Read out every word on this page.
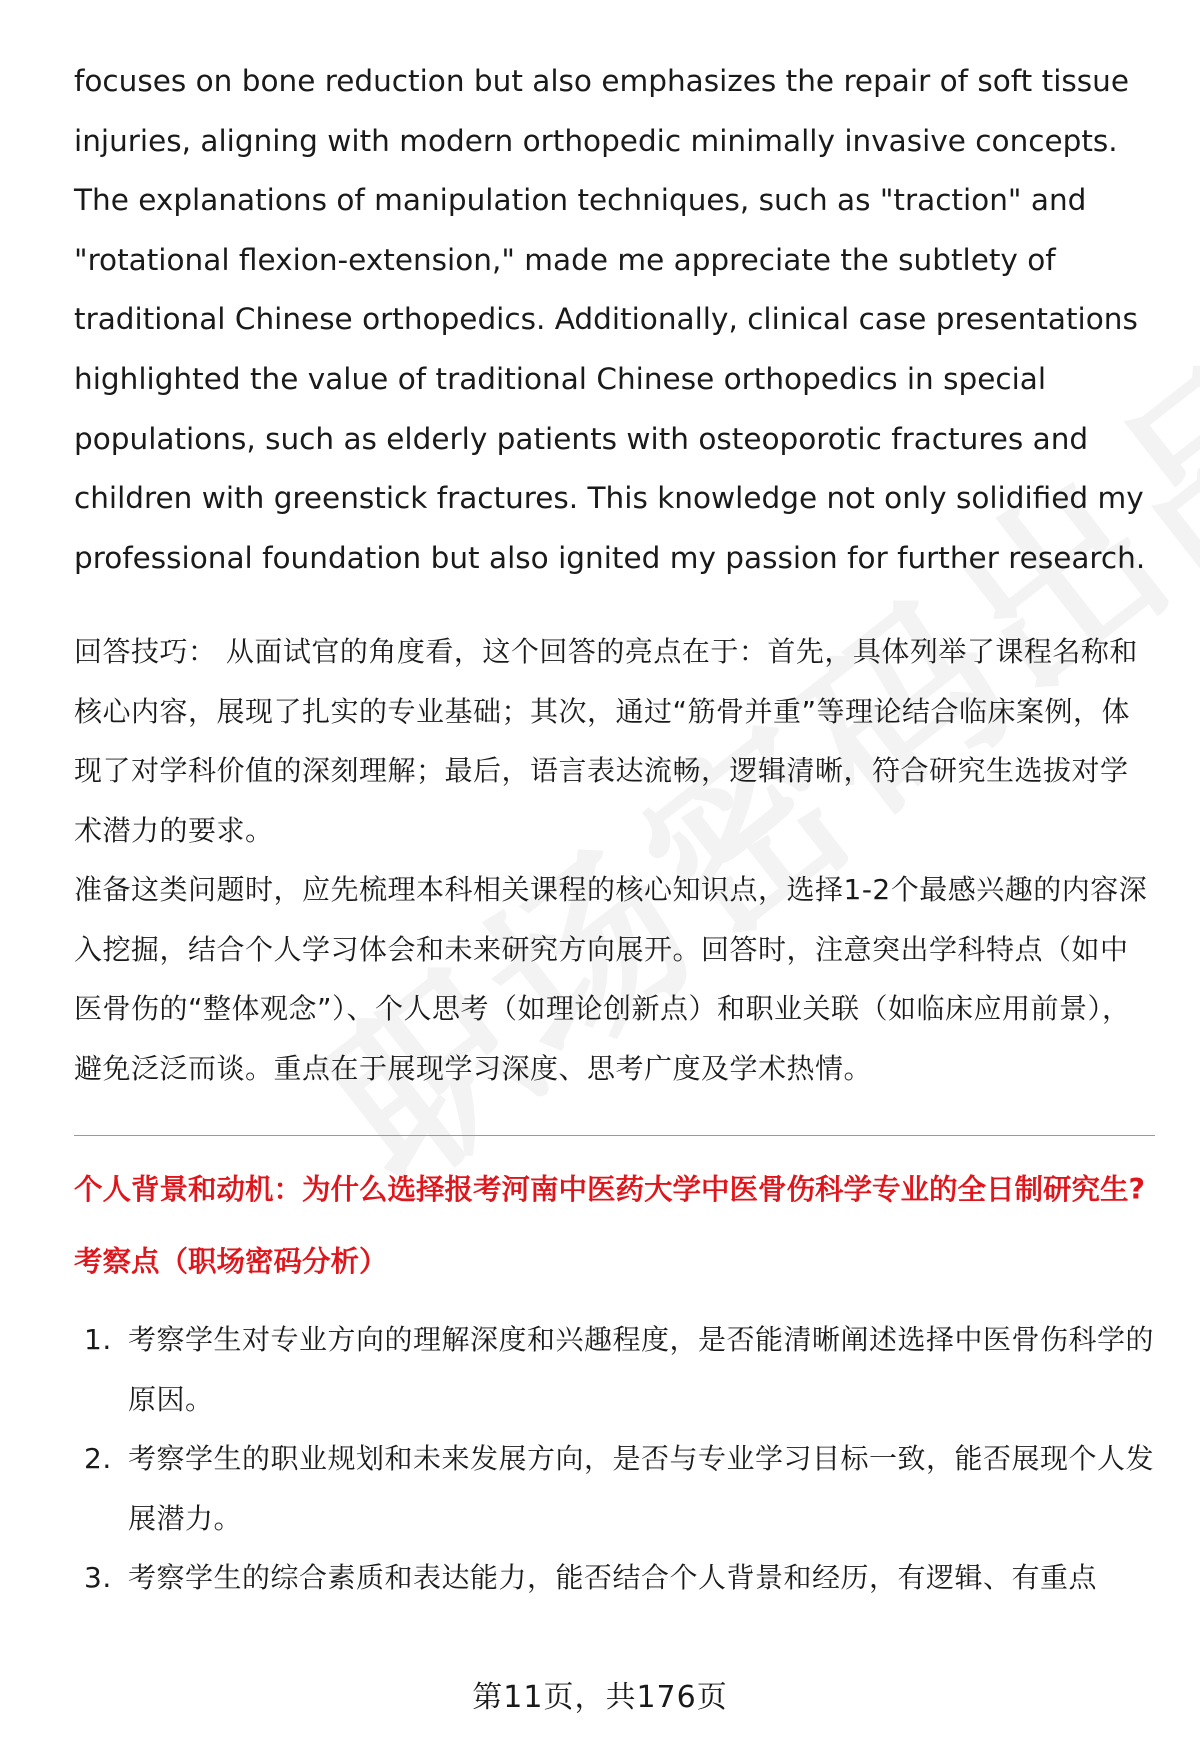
focuses on bone reduction but also emphasizes the repair of soft tissue injuries, aligning with modern orthopedic minimally invasive concepts. The explanations of manipulation techniques, such as "traction" and "rotational flexion-extension," made me appreciate the subtlety of traditional Chinese orthopedics. Additionally, clinical case presentations highlighted the value of traditional Chinese orthopedics in special populations, such as elderly patients with osteoporotic fractures and children with greenstick fractures. This knowledge not only solidified my professional foundation but also ignited my passion for further research.

回答技巧： 从面试官的角度看，这个回答的亮点在于：首先，具体列举了课程名称和核心内容，展现了扎实的专业基础；其次，通过“筋骨并重”等理论结合临床案例，体现了对学科价值的深刻理解；最后，语言表达流畅，逻辑清晰，符合研究生选拔对学术潜力的要求。

准备这类问题时，应先梳理本科相关课程的核心知识点，选择1-2个最感兴趣的内容深入挖掘，结合个人学习体会和未来研究方向展开。回答时，注意突出学科特点（如中医骨伤的“整体观念”）、个人思考（如理论创新点）和职业关联（如临床应用前景），避免泛泛而谈。重点在于展现学习深度、思考广度及学术热情。

个人背景和动机：为什么选择报考河南中医药大学中医骨伤科学专业的全日制研究生?

考察点（职场密码分析）

1. 考察学生对专业方向的理解深度和兴趣程度，是否能清晰阐述选择中医骨伤科学的原因。
2. 考察学生的职业规划和未来发展方向，是否与专业学习目标一致，能否展现个人发展潜力。
3. 考察学生的综合素质和表达能力，能否结合个人背景和经历，有逻辑、有重点
第11页，共176页
